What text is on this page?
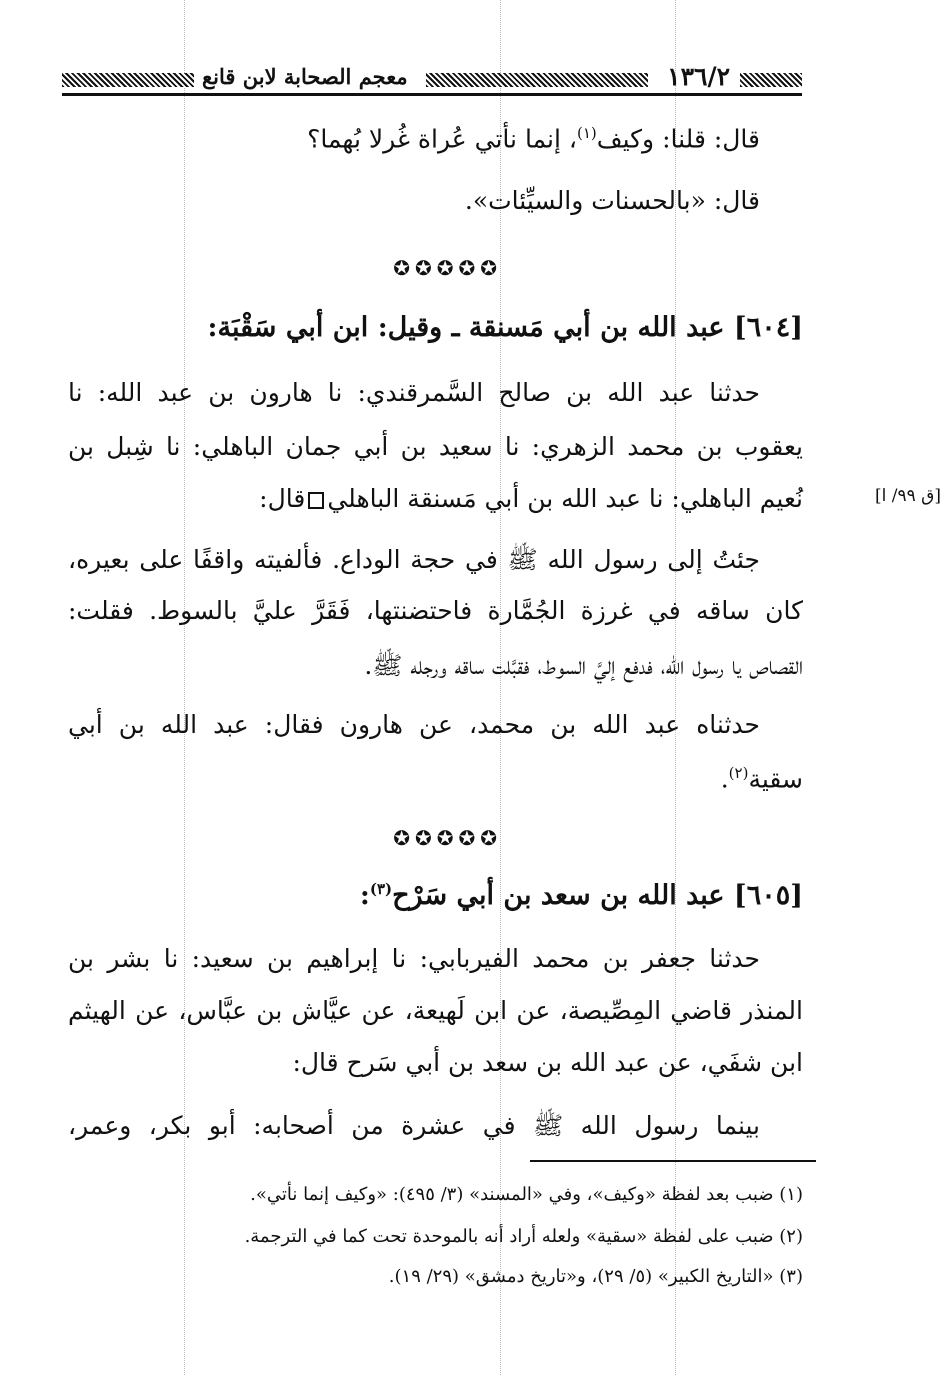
١٣٦/٢
معجم الصحابة لابن قانع
قال: قلنا: وكيف$^{(١)}$، إنما نأتي عُراة غُرلا بُهما؟
قال: «بالحسنات والسيِّئات».
✪✪✪✪✪
[٦٠٤] عبد الله بن أبي مَسنقة ـ وقيل: ابن أبي سَقْبَة:
حدثنا عبد الله بن صالح السَّمرقندي: نا هارون بن عبد الله: نا
يعقوب بن محمد الزهري: نا سعيد بن أبي جمان الباهلي: نا شِبل بن
نُعيم الباهلي: نا عبد الله بن أبي مَسنقة الباهليقال:	[ق ٩٩/ ا]
جئتُ إلى رسول الله ﷺ في حجة الوداع. فألفيته واقفًا على بعيره،
كان ساقه في غرزة الجُمَّارة فاحتضنتها، فَقَرَّ عليَّ بالسوط. فقلت:
القصاص يا رسول الله، فدفع إليَّ السوط، فقبَّلت ساقه ورجله ﷺ.
حدثناه عبد الله بن محمد، عن هارون فقال: عبد الله بن أبي
سقية$^{(٢)}$.
✪✪✪✪✪
[٦٠٥] عبد الله بن سعد بن أبي سَرْح$^{(٣)}$:
حدثنا جعفر بن محمد الفيربابي: نا إبراهيم بن سعيد: نا بشر بن
المنذر قاضي المِصِّيصة، عن ابن لَهيعة، عن عيَّاش بن عبَّاس، عن الهيثم
ابن شفَي، عن عبد الله بن سعد بن أبي سَرح قال:
بينما رسول الله ﷺ في عشرة من أصحابه: أبو بكر، وعمر،
(١) ضبب بعد لفظة «وكيف»، وفي «المسند» (٣/ ٤٩٥): «وكيف إنما نأتي».
(٢) ضبب على لفظة «سقية» ولعله أراد أنه بالموحدة تحت كما في الترجمة.
(٣) «التاريخ الكبير» (٥/ ٢٩)، و«تاريخ دمشق» (٢٩/ ١٩).
